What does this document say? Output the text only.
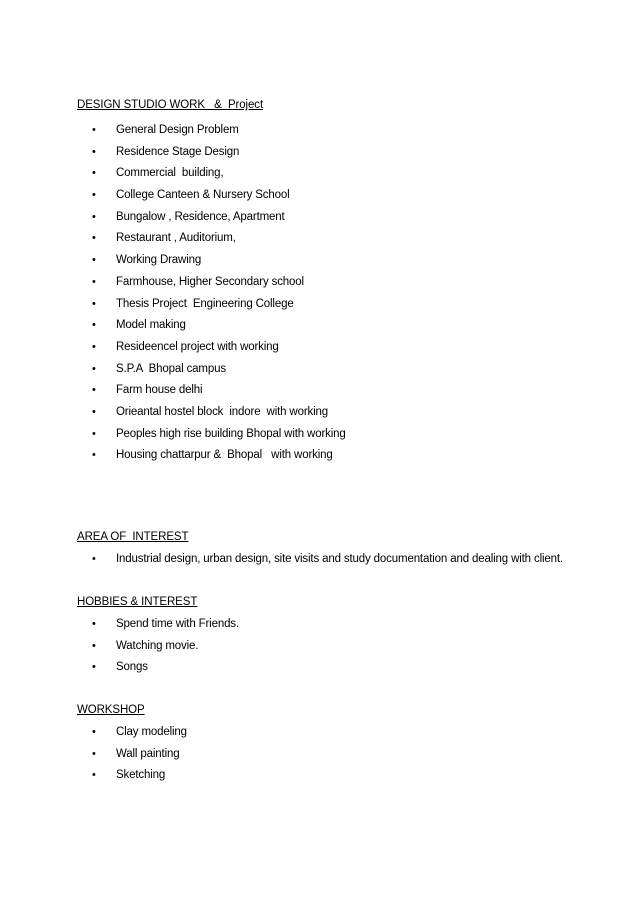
DESIGN STUDIO WORK   &  Project
• General Design Problem
• Residence Stage Design
• Commercial  building,
• College Canteen & Nursery School
• Bungalow , Residence, Apartment
• Restaurant , Auditorium,
• Working Drawing
• Farmhouse, Higher Secondary school
• Thesis Project  Engineering College
• Model making
• Resideencel project with working
• S.P.A  Bhopal campus
• Farm house delhi
• Orieantal hostel block  indore  with working
• Peoples high rise building Bhopal with working
• Housing chattarpur &  Bhopal   with working
AREA OF  INTEREST
• Industrial design, urban design, site visits and study documentation and dealing with client.
HOBBIES & INTEREST
• Spend time with Friends.
• Watching movie.
• Songs
WORKSHOP
• Clay modeling
• Wall painting
• Sketching
